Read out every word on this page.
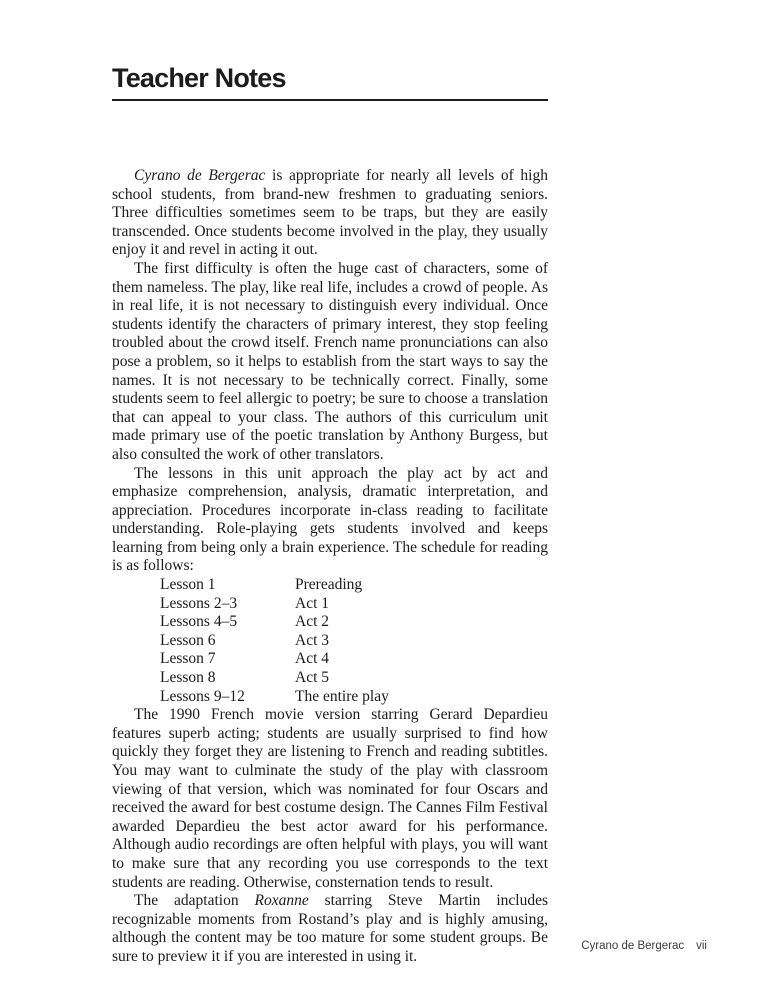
Teacher Notes

Cyrano de Bergerac is appropriate for nearly all levels of high school students, from brand-new freshmen to graduating seniors. Three difficulties sometimes seem to be traps, but they are easily transcended. Once students become involved in the play, they usually enjoy it and revel in acting it out.

The first difficulty is often the huge cast of characters, some of them nameless. The play, like real life, includes a crowd of people. As in real life, it is not necessary to distinguish every individual. Once students identify the characters of primary interest, they stop feeling troubled about the crowd itself. French name pronunciations can also pose a problem, so it helps to establish from the start ways to say the names. It is not necessary to be technically correct. Finally, some students seem to feel allergic to poetry; be sure to choose a translation that can appeal to your class. The authors of this curriculum unit made primary use of the poetic translation by Anthony Burgess, but also consulted the work of other translators.

The lessons in this unit approach the play act by act and emphasize comprehension, analysis, dramatic interpretation, and appreciation. Procedures incorporate in-class reading to facilitate understanding. Role-playing gets students involved and keeps learning from being only a brain experience. The schedule for reading is as follows:

Lesson 1	Prereading
Lessons 2–3	Act 1
Lessons 4–5	Act 2
Lesson 6	Act 3
Lesson 7	Act 4
Lesson 8	Act 5
Lessons 9–12	The entire play

The 1990 French movie version starring Gerard Depardieu features superb acting; students are usually surprised to find how quickly they forget they are listening to French and reading subtitles. You may want to culminate the study of the play with classroom viewing of that version, which was nominated for four Oscars and received the award for best costume design. The Cannes Film Festival awarded Depardieu the best actor award for his performance. Although audio recordings are often helpful with plays, you will want to make sure that any recording you use corresponds to the text students are reading. Otherwise, consternation tends to result.

The adaptation Roxanne starring Steve Martin includes recognizable moments from Rostand’s play and is highly amusing, although the content may be too mature for some student groups. Be sure to preview it if you are interested in using it.

Cyrano de Bergerac vii
